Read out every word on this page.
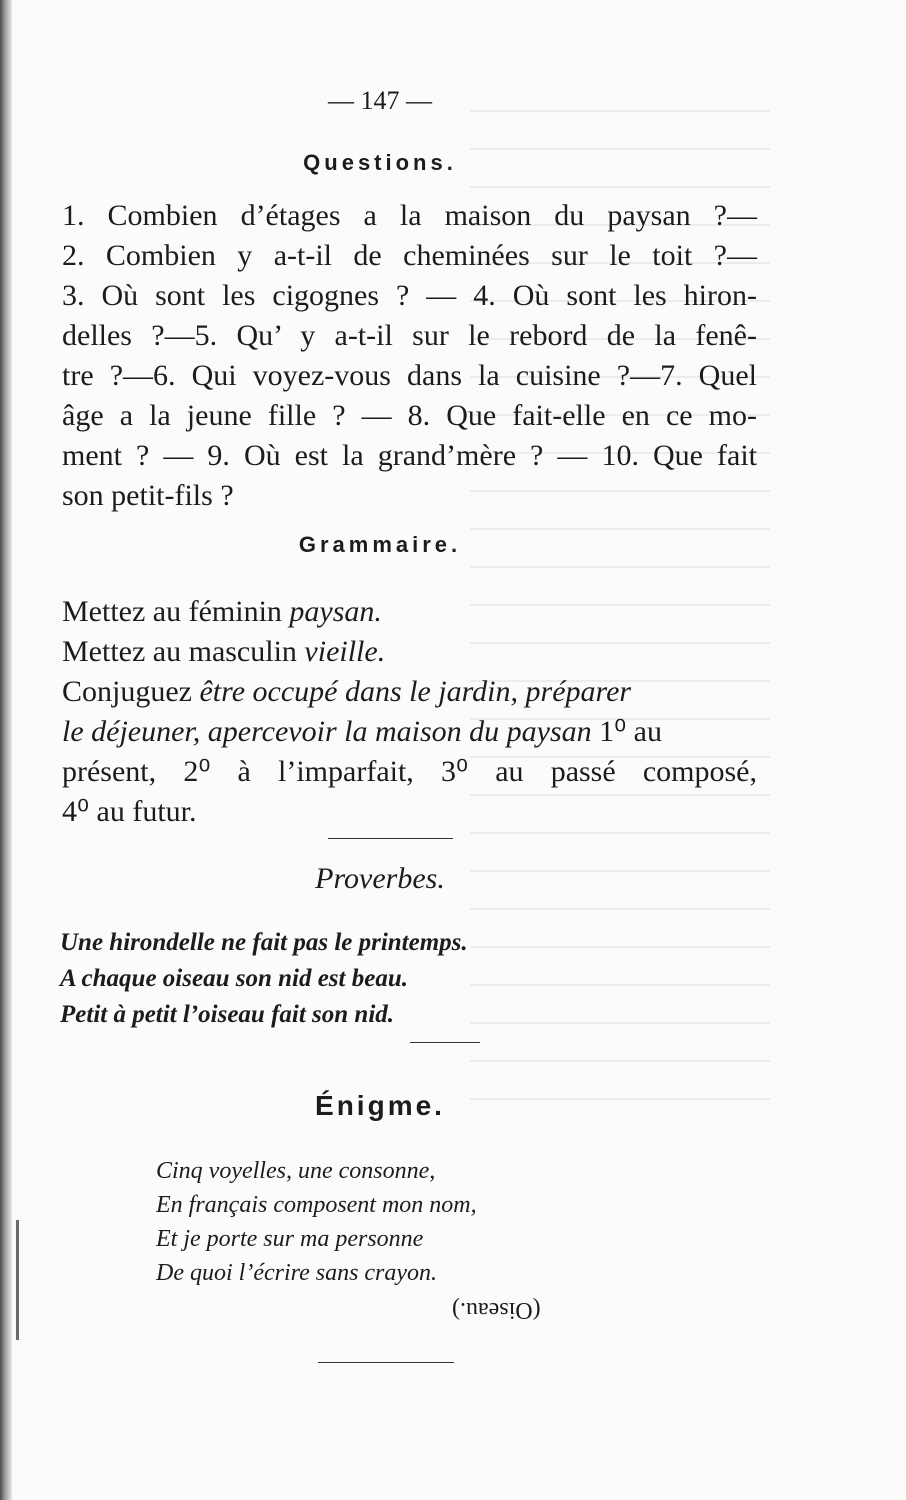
— 147 —
Questions.

1. Combien d’étages a la maison du paysan ?—

2. Combien y a-t-il de cheminées sur le toit ?—

3. Où sont les cigognes ? — 4. Où sont les hiron-

delles ?—5. Qu’ y a-t-il sur le rebord de la fenê-

tre ?—6. Qui voyez-vous dans la cuisine ?—7. Quel

âge a la jeune fille ? — 8. Que fait-elle en ce mo-

ment ? — 9. Où est la grand’mère ? — 10. Que fait

son petit-fils ?

Grammaire.

Mettez au féminin paysan.

Mettez au masculin vieille.

Conjuguez être occupé dans le jardin, préparer

le déjeuner, apercevoir la maison du paysan 1⁰ au

présent, 2⁰ à l’imparfait, 3⁰ au passé composé,

4⁰ au futur.

Proverbes.

Une hirondelle ne fait pas le printemps.

A chaque oiseau son nid est beau.

Petit à petit l’oiseau fait son nid.

Énigme.

Cinq voyelles, une consonne,

En français composent mon nom,

Et je porte sur ma personne

De quoi l’écrire sans crayon.

(Oiseau.)
